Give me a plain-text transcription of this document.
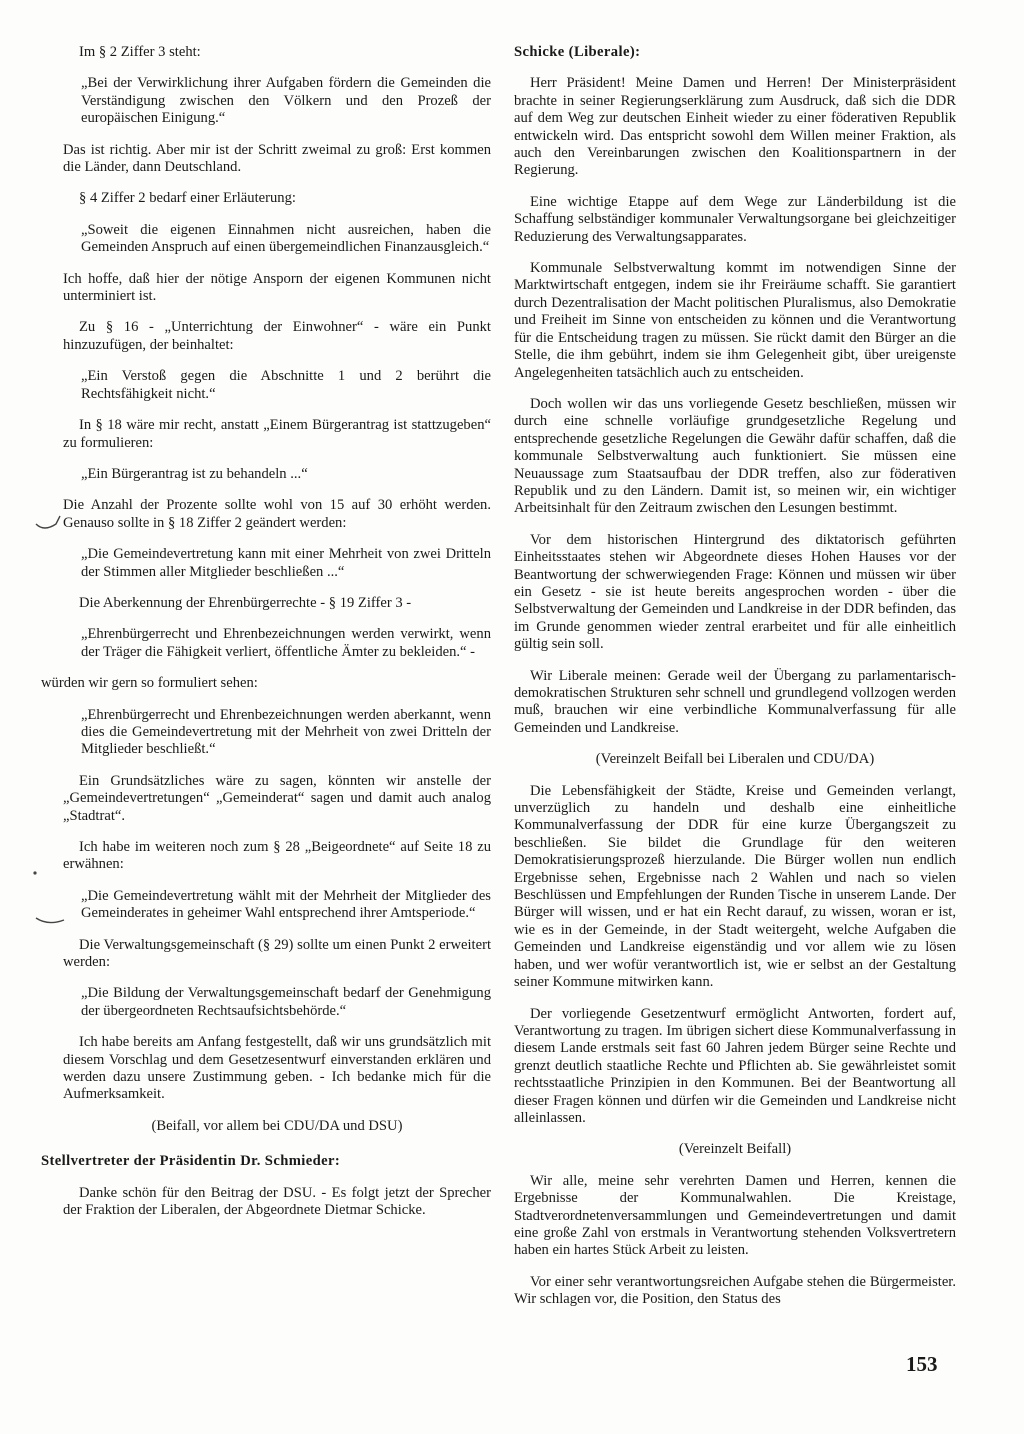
Im § 2 Ziffer 3 steht:

„Bei der Verwirklichung ihrer Aufgaben fördern die Gemeinden die Verständigung zwischen den Völkern und den Prozeß der europäischen Einigung.“

Das ist richtig. Aber mir ist der Schritt zweimal zu groß: Erst kommen die Länder, dann Deutschland.

§ 4 Ziffer 2 bedarf einer Erläuterung:

„Soweit die eigenen Einnahmen nicht ausreichen, haben die Gemeinden Anspruch auf einen übergemeindlichen Finanzausgleich.“

Ich hoffe, daß hier der nötige Ansporn der eigenen Kommunen nicht unterminiert ist.

Zu § 16 - „Unterrichtung der Einwohner“ - wäre ein Punkt hinzuzufügen, der beinhaltet:

„Ein Verstoß gegen die Abschnitte 1 und 2 berührt die Rechtsfähigkeit nicht.“

In § 18 wäre mir recht, anstatt „Einem Bürgerantrag ist stattzugeben“ zu formulieren:

„Ein Bürgerantrag ist zu behandeln ...“

Die Anzahl der Prozente sollte wohl von 15 auf 30 erhöht werden. Genauso sollte in § 18 Ziffer 2 geändert werden:

„Die Gemeindevertretung kann mit einer Mehrheit von zwei Dritteln der Stimmen aller Mitglieder beschließen ...“

Die Aberkennung der Ehrenbürgerrechte - § 19 Ziffer 3 -

„Ehrenbürgerrecht und Ehrenbezeichnungen werden verwirkt, wenn der Träger die Fähigkeit verliert, öffentliche Ämter zu bekleiden.“ -

würden wir gern so formuliert sehen:

„Ehrenbürgerrecht und Ehrenbezeichnungen werden aberkannt, wenn dies die Gemeindevertretung mit der Mehrheit von zwei Dritteln der Mitglieder beschließt.“

Ein Grundsätzliches wäre zu sagen, könnten wir anstelle der „Gemeindevertretungen“ „Gemeinderat“ sagen und damit auch analog „Stadtrat“.

Ich habe im weiteren noch zum § 28 „Beigeordnete“ auf Seite 18 zu erwähnen:

„Die Gemeindevertretung wählt mit der Mehrheit der Mitglieder des Gemeinderates in geheimer Wahl entsprechend ihrer Amtsperiode.“

Die Verwaltungsgemeinschaft (§ 29) sollte um einen Punkt 2 erweitert werden:

„Die Bildung der Verwaltungsgemeinschaft bedarf der Genehmigung der übergeordneten Rechtsaufsichtsbehörde.“

Ich habe bereits am Anfang festgestellt, daß wir uns grundsätzlich mit diesem Vorschlag und dem Gesetzesentwurf einverstanden erklären und werden dazu unsere Zustimmung geben. - Ich bedanke mich für die Aufmerksamkeit.

(Beifall, vor allem bei CDU/DA und DSU)

Stellvertreter der Präsidentin Dr. Schmieder:

Danke schön für den Beitrag der DSU. - Es folgt jetzt der Sprecher der Fraktion der Liberalen, der Abgeordnete Dietmar Schicke.

Schicke (Liberale):

Herr Präsident! Meine Damen und Herren! Der Ministerpräsident brachte in seiner Regierungserklärung zum Ausdruck, daß sich die DDR auf dem Weg zur deutschen Einheit wieder zu einer föderativen Republik entwickeln wird. Das entspricht sowohl dem Willen meiner Fraktion, als auch den Vereinbarungen zwischen den Koalitionspartnern in der Regierung.

Eine wichtige Etappe auf dem Wege zur Länderbildung ist die Schaffung selbständiger kommunaler Verwaltungsorgane bei gleichzeitiger Reduzierung des Verwaltungsapparates.

Kommunale Selbstverwaltung kommt im notwendigen Sinne der Marktwirtschaft entgegen, indem sie ihr Freiräume schafft. Sie garantiert durch Dezentralisation der Macht politischen Pluralismus, also Demokratie und Freiheit im Sinne von entscheiden zu können und die Verantwortung für die Entscheidung tragen zu müssen. Sie rückt damit den Bürger an die Stelle, die ihm gebührt, indem sie ihm Gelegenheit gibt, über ureigenste Angelegenheiten tatsächlich auch zu entscheiden.

Doch wollen wir das uns vorliegende Gesetz beschließen, müssen wir durch eine schnelle vorläufige grundgesetzliche Regelung und entsprechende gesetzliche Regelungen die Gewähr dafür schaffen, daß die kommunale Selbstverwaltung auch funktioniert. Sie müssen eine Neuaussage zum Staatsaufbau der DDR treffen, also zur föderativen Republik und zu den Ländern. Damit ist, so meinen wir, ein wichtiger Arbeitsinhalt für den Zeitraum zwischen den Lesungen bestimmt.

Vor dem historischen Hintergrund des diktatorisch geführten Einheitsstaates stehen wir Abgeordnete dieses Hohen Hauses vor der Beantwortung der schwerwiegenden Frage: Können und müssen wir über ein Gesetz - sie ist heute bereits angesprochen worden - über die Selbstverwaltung der Gemeinden und Landkreise in der DDR befinden, das im Grunde genommen wieder zentral erarbeitet und für alle einheitlich gültig sein soll.

Wir Liberale meinen: Gerade weil der Übergang zu parlamentarisch-demokratischen Strukturen sehr schnell und grundlegend vollzogen werden muß, brauchen wir eine verbindliche Kommunalverfassung für alle Gemeinden und Landkreise.

(Vereinzelt Beifall bei Liberalen und CDU/DA)

Die Lebensfähigkeit der Städte, Kreise und Gemeinden verlangt, unverzüglich zu handeln und deshalb eine einheitliche Kommunalverfassung der DDR für eine kurze Übergangszeit zu beschließen. Sie bildet die Grundlage für den weiteren Demokratisierungsprozeß hierzulande. Die Bürger wollen nun endlich Ergebnisse sehen, Ergebnisse nach 2 Wahlen und nach so vielen Beschlüssen und Empfehlungen der Runden Tische in unserem Lande. Der Bürger will wissen, und er hat ein Recht darauf, zu wissen, woran er ist, wie es in der Gemeinde, in der Stadt weitergeht, welche Aufgaben die Gemeinden und Landkreise eigenständig und vor allem wie zu lösen haben, und wer wofür verantwortlich ist, wie er selbst an der Gestaltung seiner Kommune mitwirken kann.

Der vorliegende Gesetzentwurf ermöglicht Antworten, fordert auf, Verantwortung zu tragen. Im übrigen sichert diese Kommunalverfassung in diesem Lande erstmals seit fast 60 Jahren jedem Bürger seine Rechte und grenzt deutlich staatliche Rechte und Pflichten ab. Sie gewährleistet somit rechtsstaatliche Prinzipien in den Kommunen. Bei der Beantwortung all dieser Fragen können und dürfen wir die Gemeinden und Landkreise nicht alleinlassen.

(Vereinzelt Beifall)

Wir alle, meine sehr verehrten Damen und Herren, kennen die Ergebnisse der Kommunalwahlen. Die Kreistage, Stadtverordnetenversammlungen und Gemeindevertretungen und damit eine große Zahl von erstmals in Verantwortung stehenden Volksvertretern haben ein hartes Stück Arbeit zu leisten.

Vor einer sehr verantwortungsreichen Aufgabe stehen die Bürgermeister. Wir schlagen vor, die Position, den Status des

153
